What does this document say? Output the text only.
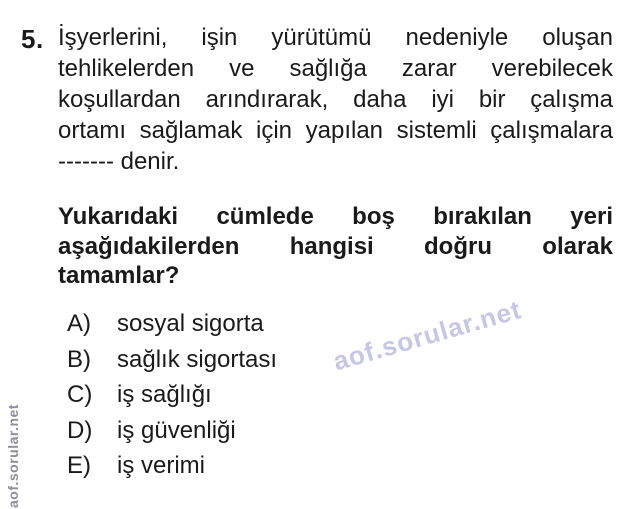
5. İşyerlerini, işin yürütümü nedeniyle oluşan
tehlikelerden ve sağlığa zarar verebilecek
koşullardan arındırarak, daha iyi bir çalışma
ortamı sağlamak için yapılan sistemli çalışmalara
------- denir.
Yukarıdaki cümlede boş bırakılan yeri
aşağıdakilerden hangisi doğru olarak
tamamlar?
A) sosyal sigorta
B) sağlık sigortası
C) iş sağlığı
D) iş güvenliği
E) iş verimi
aof.sorular.net
aof.sorular.net
